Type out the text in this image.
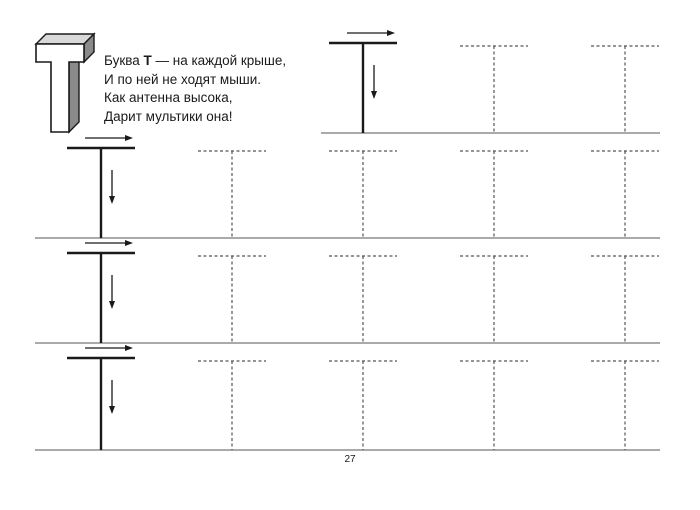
Буква Т — на каждой крыше,
И по ней не ходят мыши.
Как антенна высока,
Дарит мультики она!
27
